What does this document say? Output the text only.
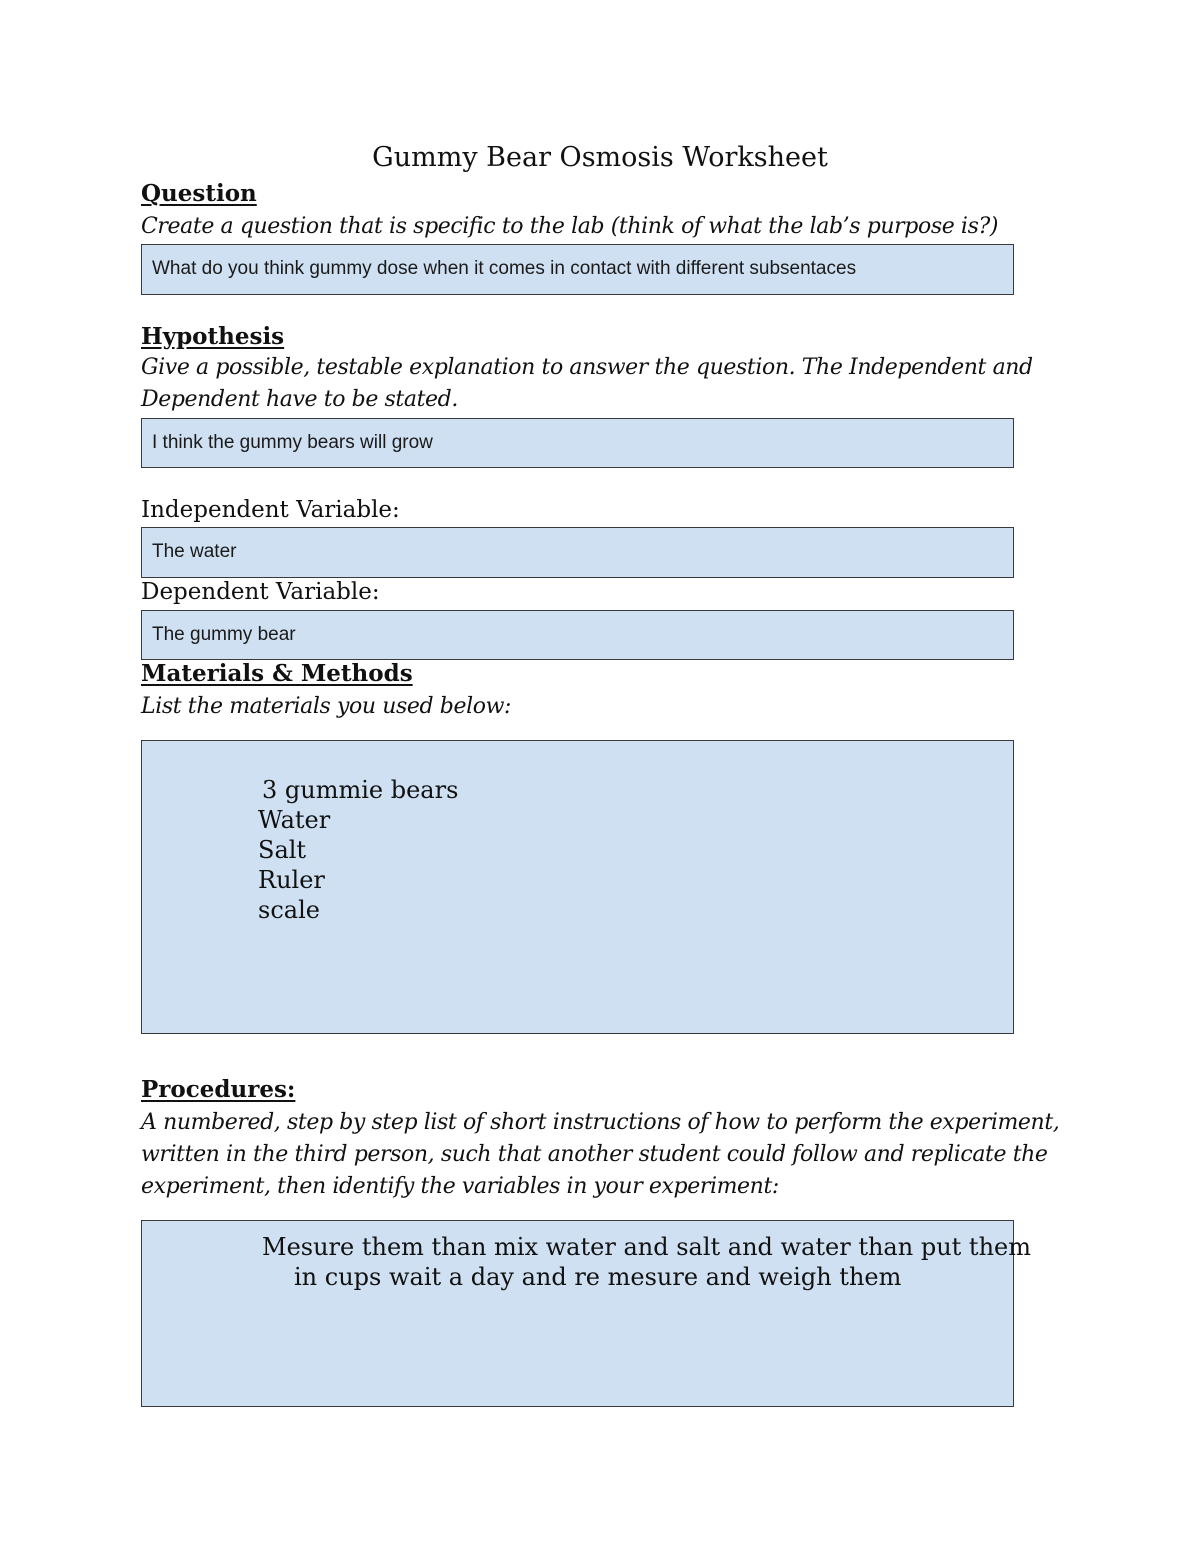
Gummy Bear Osmosis Worksheet
Question
Create a question that is specific to the lab (think of what the lab’s purpose is?)
What do you think gummy dose when it comes in contact with different subsentaces
Hypothesis
Give a possible, testable explanation to answer the question. The Independent and
Dependent have to be stated.
I think the gummy bears will grow
Independent Variable:
The water
Dependent Variable:
The gummy bear
Materials & Methods
List the materials you used below:
3 gummie bears
Water
Salt
Ruler
scale
Procedures:
A numbered, step by step list of short instructions of how to perform the experiment,
written in the third person, such that another student could follow and replicate the
experiment, then identify the variables in your experiment:
Mesure them than mix water and salt and water than put them
in cups wait a day and re mesure and weigh them
